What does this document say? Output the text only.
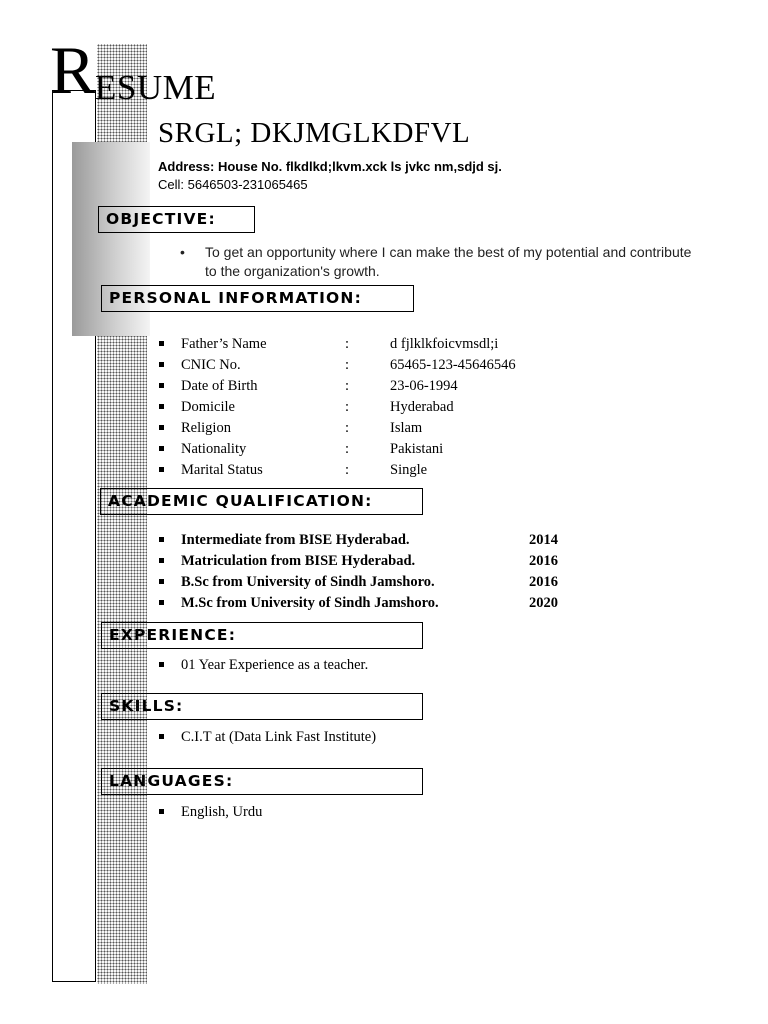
R ESUME
SRGL; DKJMGLKDFVL
Address: House No. flkdlkd;lkvm.xck ls jvkc nm,sdjd sj.
Cell: 5646503-231065465
OBJECTIVE:
• To get an opportunity where I can make the best of my potential and contribute to the organization's growth.
PERSONAL INFORMATION:
Father’s Name	:	d fjlklkfoicvmsdl;i
CNIC No.	:	65465-123-45646546
Date of Birth	:	23-06-1994
Domicile	:	Hyderabad
Religion	:	Islam
Nationality	:	Pakistani
Marital Status	:	Single
ACADEMIC QUALIFICATION:
Intermediate from BISE Hyderabad.	2014
Matriculation from BISE Hyderabad.	2016
B.Sc from University of Sindh Jamshoro.	2016
M.Sc from University of Sindh Jamshoro.	2020
EXPERIENCE:
01 Year Experience as a teacher.
SKILLS:
C.I.T at (Data Link Fast Institute)
LANGUAGES:
English, Urdu
